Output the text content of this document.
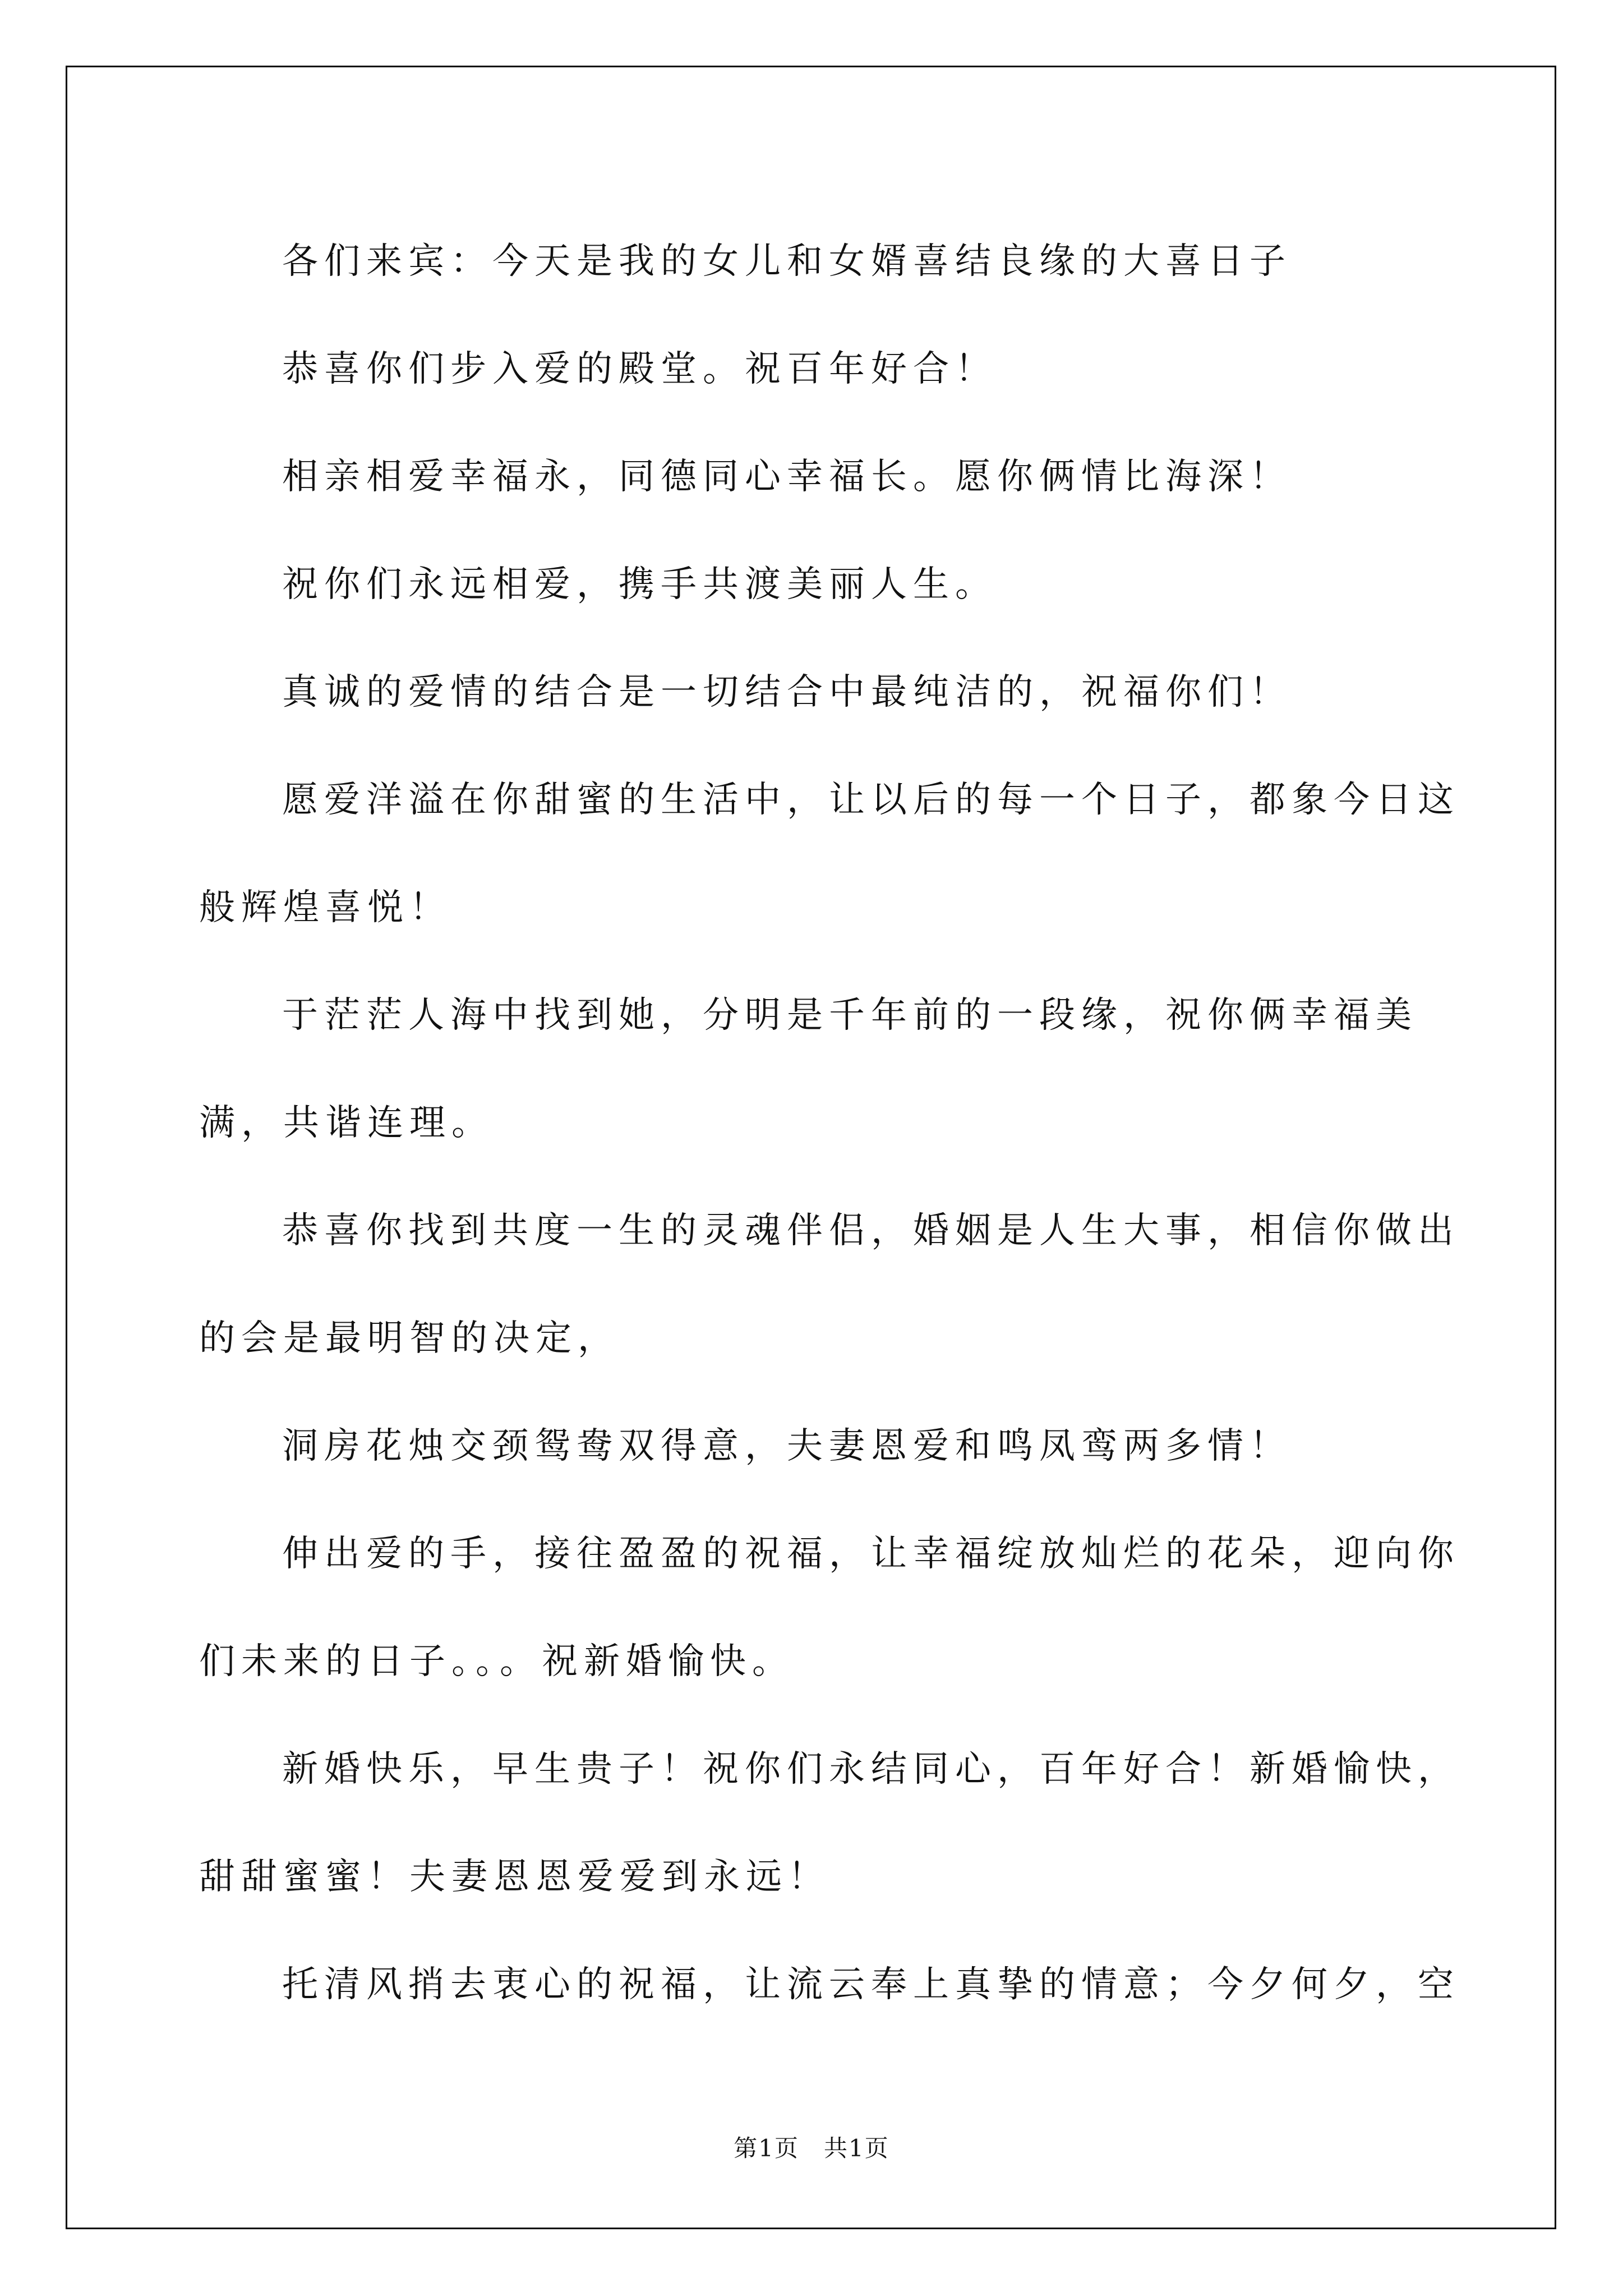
各们来宾：今天是我的女儿和女婿喜结良缘的大喜日子

恭喜你们步入爱的殿堂。祝百年好合！

相亲相爱幸福永，同德同心幸福长。愿你俩情比海深！

祝你们永远相爱，携手共渡美丽人生。

真诚的爱情的结合是一切结合中最纯洁的，祝福你们！

愿爱洋溢在你甜蜜的生活中，让以后的每一个日子，都象今日这般辉煌喜悦！

于茫茫人海中找到她，分明是千年前的一段缘，祝你俩幸福美满，共谐连理。

恭喜你找到共度一生的灵魂伴侣，婚姻是人生大事，相信你做出的会是最明智的决定，

洞房花烛交颈鸳鸯双得意，夫妻恩爱和鸣凤鸾两多情！

伸出爱的手，接往盈盈的祝福，让幸福绽放灿烂的花朵，迎向你们未来的日子。。。祝新婚愉快。

新婚快乐，早生贵子！祝你们永结同心，百年好合！新婚愉快，甜甜蜜蜜！夫妻恩恩爱爱到永远！

托清风捎去衷心的祝福，让流云奉上真挚的情意；今夕何夕，空

第1页　共1页
